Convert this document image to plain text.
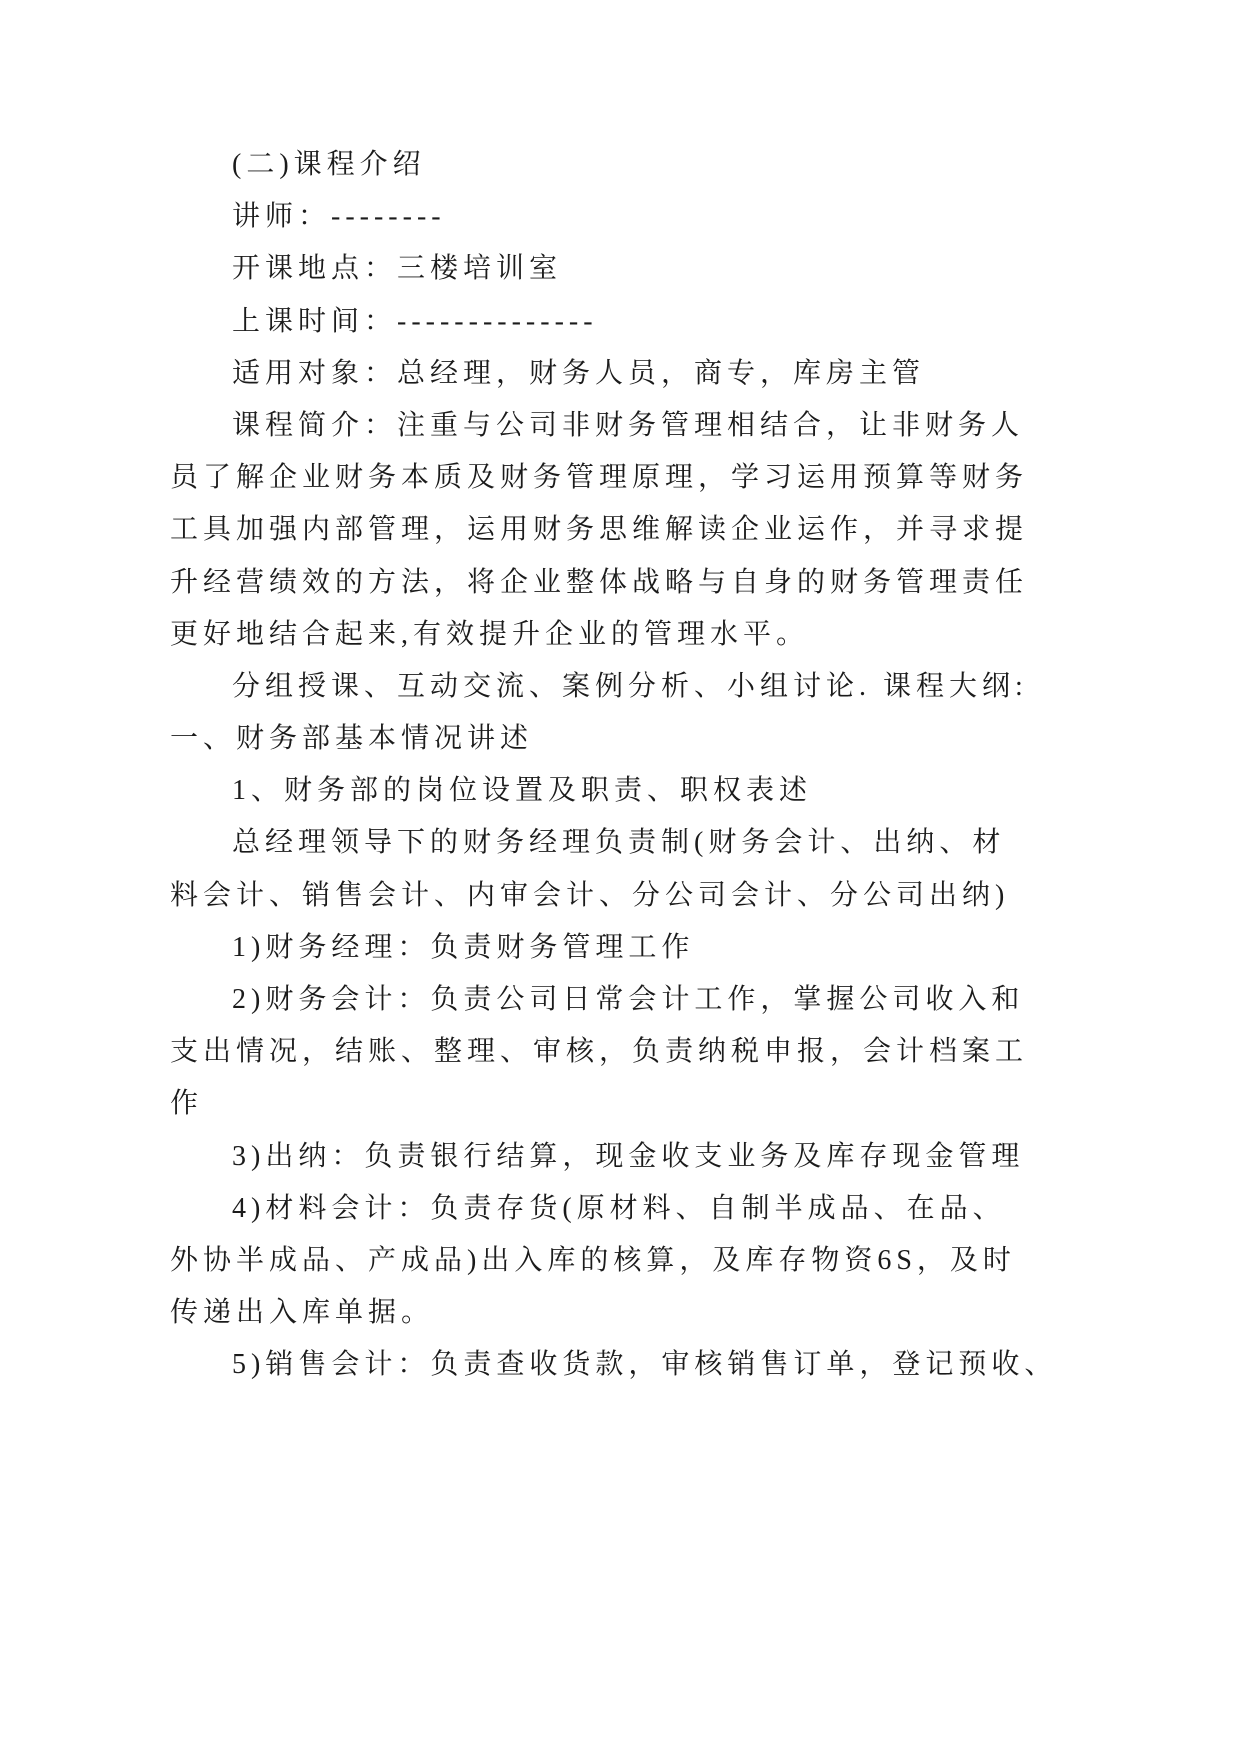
(二)课程介绍
讲师：--------
开课地点：三楼培训室
上课时间：--------------
适用对象：总经理，财务人员，商专，库房主管
课程简介：注重与公司非财务管理相结合，让非财务人
员了解企业财务本质及财务管理原理，学习运用预算等财务
工具加强内部管理，运用财务思维解读企业运作，并寻求提
升经营绩效的方法，将企业整体战略与自身的财务管理责任
更好地结合起来,有效提升企业的管理水平。
分组授课、互动交流、案例分析、小组讨论. 课程大纲:
一、财务部基本情况讲述
1、财务部的岗位设置及职责、职权表述
总经理领导下的财务经理负责制(财务会计、出纳、材
料会计、销售会计、内审会计、分公司会计、分公司出纳)
1)财务经理：负责财务管理工作
2)财务会计：负责公司日常会计工作，掌握公司收入和
支出情况，结账、整理、审核，负责纳税申报，会计档案工
作
3)出纳：负责银行结算，现金收支业务及库存现金管理
4)材料会计：负责存货(原材料、自制半成品、在品、
外协半成品、产成品)出入库的核算，及库存物资6S，及时
传递出入库单据。
5)销售会计：负责查收货款，审核销售订单，登记预收、
